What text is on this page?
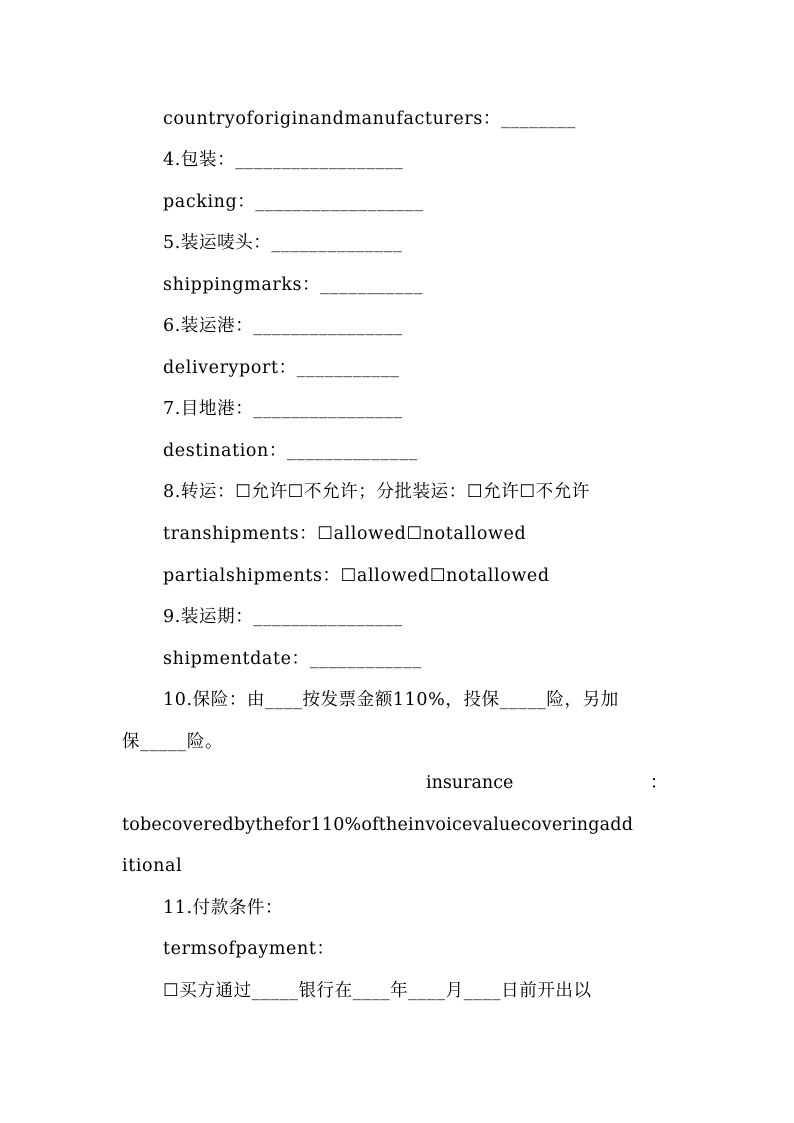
countryoforiginandmanufacturers：________
4.包装：__________________
packing：__________________
5.装运唛头：______________
shippingmarks：___________
6.装运港：________________
deliveryport：___________
7.目地港：________________
destination：______________
8.转运：☐允许☐不允许；分批装运：☐允许☐不允许
transhipments：☐allowed☐notallowed
partialshipments：☐allowed☐notallowed
9.装运期：________________
shipmentdate：____________
10.保险：由____按发票金额110%，投保_____险，另加
保_____险。
insurance	：
tobecoveredbythefor110%oftheinvoicevaluecoveringadd
itional
11.付款条件：
termsofpayment：
☐买方通过_____银行在____年____月____日前开出以
